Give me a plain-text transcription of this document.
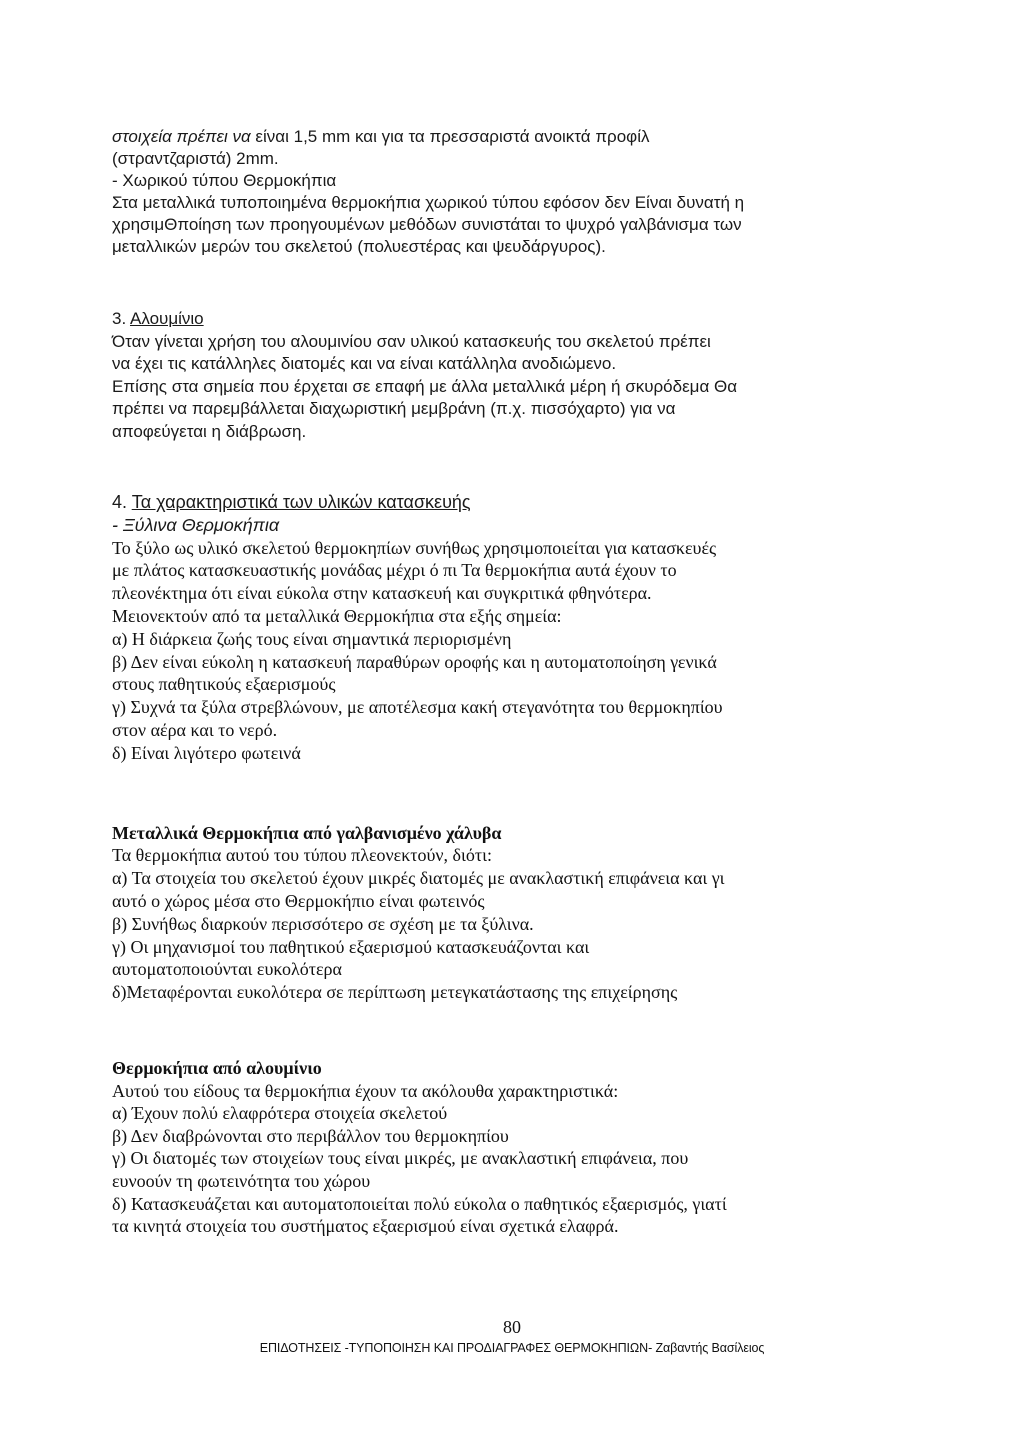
στοιχεία πρέπει να είναι 1,5 mm και για τα πρεσσαριστά ανοικτά προφίλ
(στραντζαριστά) 2mm.
- Χωρικού τύπου Θερμοκήπια
Στα μεταλλικά τυποποιημένα θερμοκήπια χωρικού τύπου εφόσον δεν Είναι δυνατή η
χρησιμΘποίηση των προηγουμένων μεθόδων συνιστάται το ψυχρό γαλβάνισμα των
μεταλλικών μερών του σκελετού (πολυεστέρας και ψευδάργυρος).
3. Αλουμίνιο
Όταν γίνεται χρήση του αλουμινίου σαν υλικού κατασκευής του σκελετού πρέπει
να έχει τις κατάλληλες διατομές και να είναι κατάλληλα ανοδιώμενο.
Επίσης στα σημεία που έρχεται σε επαφή με άλλα μεταλλικά μέρη ή σκυρόδεμα Θα
πρέπει να παρεμβάλλεται διαχωριστική μεμβράνη (π.χ. πισσόχαρτο) για να
αποφεύγεται η διάβρωση.
4. Τα χαρακτηριστικά των υλικών κατασκευής
- Ξύλινα Θερμοκήπια
Το ξύλο ως υλικό σκελετού θερμοκηπίων συνήθως χρησιμοποιείται για κατασκευές
με πλάτος κατασκευαστικής μονάδας μέχρι ό πι Τα θερμοκήπια αυτά έχουν το
πλεονέκτημα ότι είναι εύκολα στην κατασκευή και συγκριτικά φθηνότερα.
Μειονεκτούν από τα μεταλλικά Θερμοκήπια στα εξής σημεία:
α) Η διάρκεια ζωής τους είναι σημαντικά περιορισμένη
β) Δεν είναι εύκολη η κατασκευή παραθύρων οροφής και η αυτοματοποίηση γενικά
στους παθητικούς εξαερισμούς
γ) Συχνά τα ξύλα στρεβλώνουν, με αποτέλεσμα κακή στεγανότητα του θερμοκηπίου
στον αέρα και το νερό.
δ) Είναι λιγότερο φωτεινά
Μεταλλικά Θερμοκήπια από γαλβανισμένο χάλυβα
Τα θερμοκήπια αυτού του τύπου πλεονεκτούν, διότι:
α) Τα στοιχεία του σκελετού έχουν μικρές διατομές με ανακλαστική επιφάνεια και γι
αυτό ο χώρος μέσα στο Θερμοκήπιο είναι φωτεινός
β) Συνήθως διαρκούν περισσότερο σε σχέση με τα ξύλινα.
γ) Οι μηχανισμοί του παθητικού εξαερισμού κατασκευάζονται και
αυτοματοποιούνται ευκολότερα
δ)Μεταφέρονται ευκολότερα σε περίπτωση μετεγκατάστασης της επιχείρησης
Θερμοκήπια από αλουμίνιο
Αυτού του είδους τα θερμοκήπια έχουν τα ακόλουθα χαρακτηριστικά:
α) Έχουν πολύ ελαφρότερα στοιχεία σκελετού
β) Δεν διαβρώνονται στο περιβάλλον του θερμοκηπίου
γ) Οι διατομές των στοιχείων τους είναι μικρές, με ανακλαστική επιφάνεια, που
ευνοούν τη φωτεινότητα του χώρου
δ) Κατασκευάζεται και αυτοματοποιείται πολύ εύκολα ο παθητικός εξαερισμός, γιατί
τα κινητά στοιχεία του συστήματος εξαερισμού είναι σχετικά ελαφρά.
80
ΕΠΙΔΟΤΗΣΕΙΣ -ΤΥΠΟΠΟΙΗΣΗ ΚΑΙ ΠΡΟΔΙΑΓΡΑΦΕΣ ΘΕΡΜΟΚΗΠΙΩΝ- Ζαβαντής Βασίλειος
